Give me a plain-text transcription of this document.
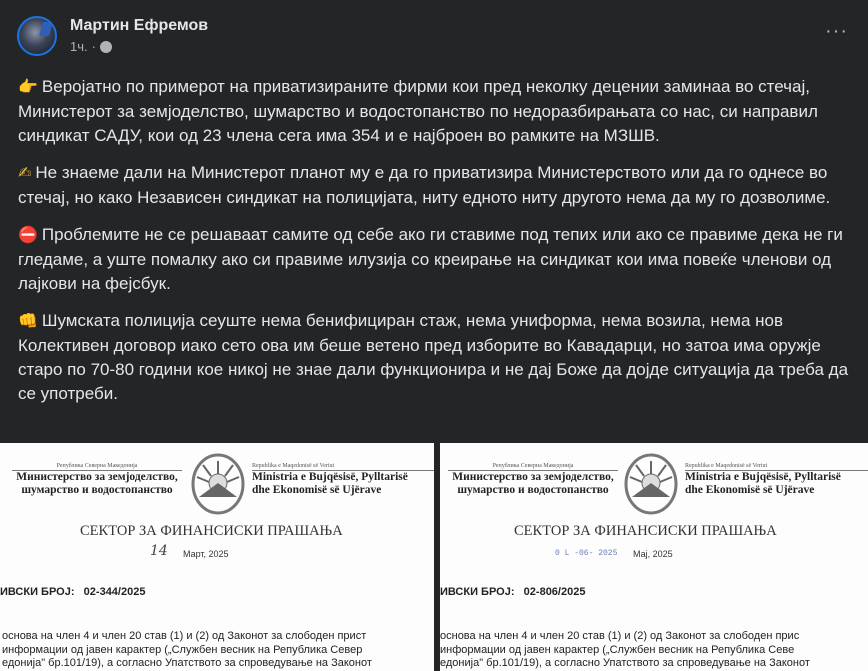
Мартин Ефремов
1ч. ·
···

👉 Веројатно по примерот на приватизираните фирми кои пред неколку децении заминаа во стечај, Министерот за земјоделство, шумарство и водостопанство по недоразбирањата со нас, си направил синдикат САДУ, кои од 23 члена сега има 354 и е најброен во рамките на МЗШВ.

✍ Не знаеме дали на Министерот планот му е да го приватизира Министерството или да го однесе во стечај, но како Независен синдикат на полицијата, ниту едното ниту другото нема да му го дозволиме.

⛔ Проблемите не се решаваат самите од себе ако ги ставиме под тепих или ако се правиме дека не ги гледаме, а уште помалку ако си правиме илузија со креирање на синдикат кои има повеќе членови од лајкови на фејсбук.

👊 Шумската полиција сеуште нема бенифициран стаж, нема униформа, нема возила, нема нов Колективен договор иако сето ова им беше ветено пред изборите во Кавадарци, но затоа има оружје старо по 70-80 години кое никој не знае дали функционира и не дај Боже да дојде ситуација да треба да се употреби.

Република Северна Македонија
Министерство за земјоделство,
шумарство и водостопанство
Republika e Maqedonisë së Veriut
Ministria e Bujqësisë, Pylltarisë
dhe Ekonomisë së Ujërave
СЕКТОР ЗА ФИНАНСИСКИ ПРАШАЊА
14 Март, 2025
ИВСКИ БРОЈ: 02-344/2025
основа на член 4 и член 20 став (1) и (2) од Законот за слободен прист
информации од јавен карактер („Службен весник на Република Север
едонија" бр.101/19), а согласно Упатството за спроведување на Законот
Република Северна Македонија
Министерство за земјоделство,
шумарство и водостопанство
Republika e Maqedonisë së Veriut
Ministria e Bujqësisë, Pylltarisë
dhe Ekonomisë së Ujërave
СЕКТОР ЗА ФИНАНСИСКИ ПРАШАЊА
0 L -06- 2025 Мај, 2025
ИВСКИ БРОЈ: 02-806/2025
основа на член 4 и член 20 став (1) и (2) од Законот за слободен прис
информации од јавен карактер („Службен весник на Република Севе
едонија" бр.101/19), а согласно Упатството за спроведување на Законот
